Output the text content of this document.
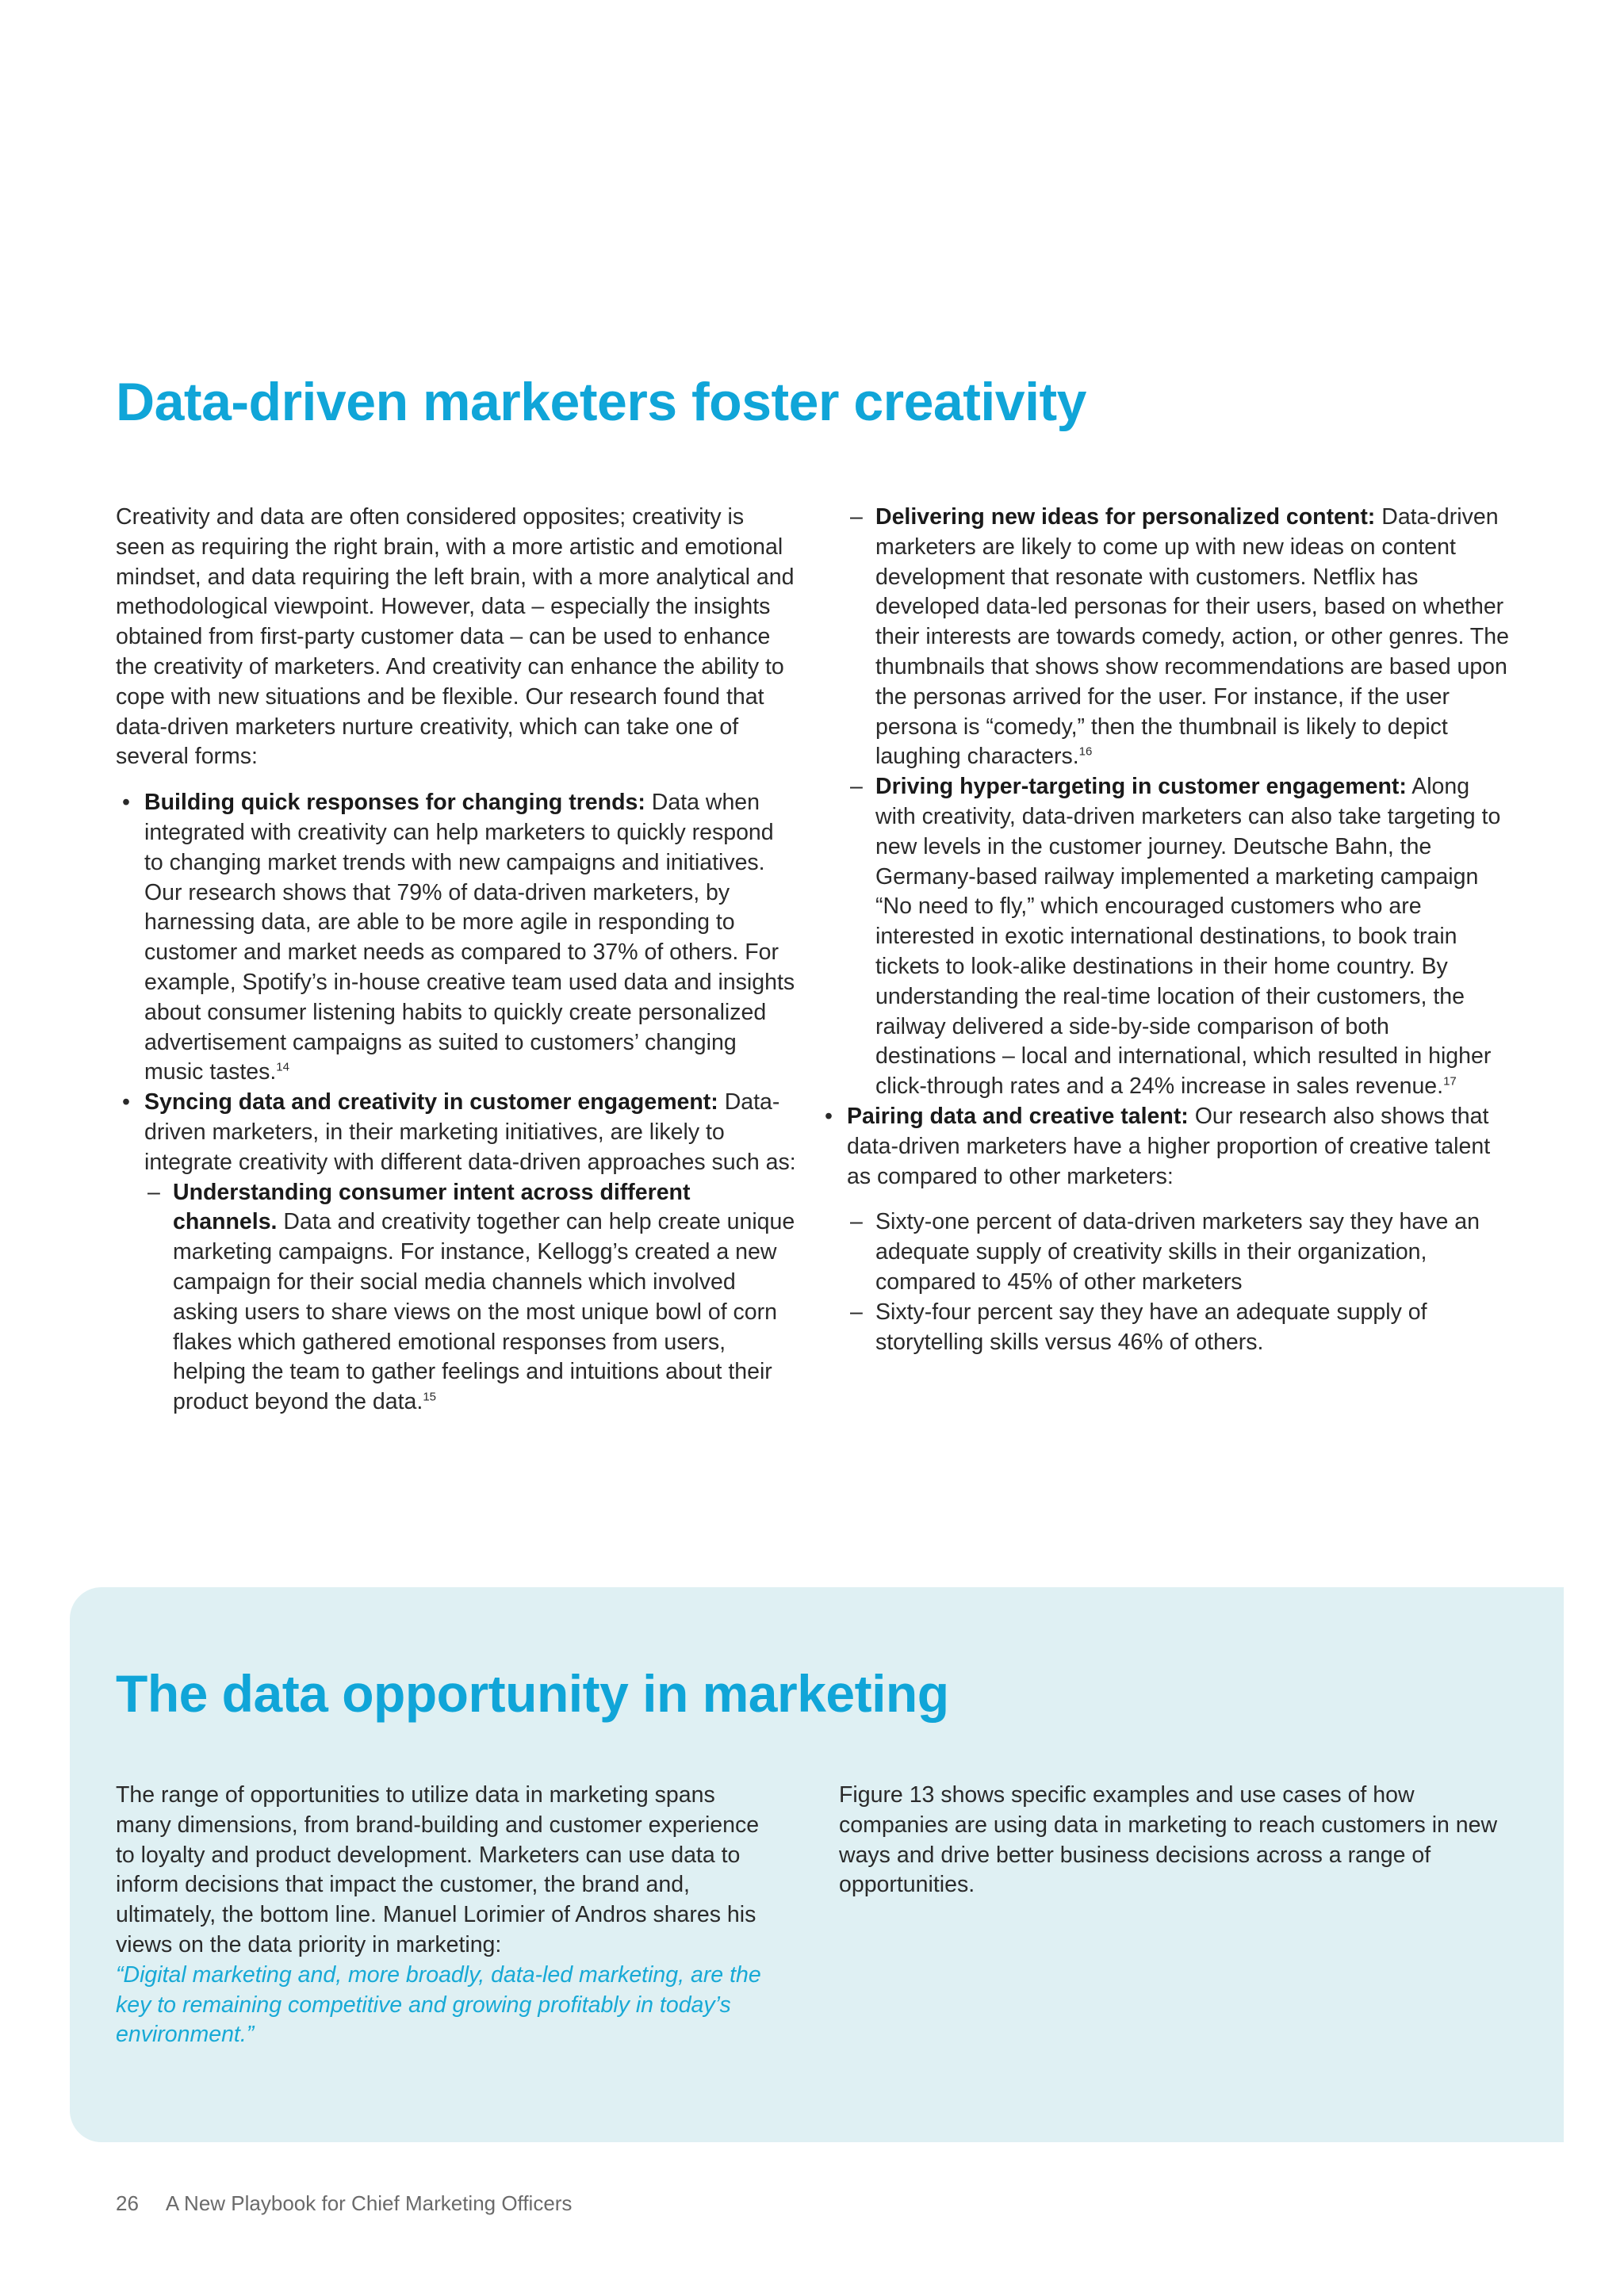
Data-driven marketers foster creativity

Creativity and data are often considered opposites; creativity is seen as requiring the right brain, with a more artistic and emotional mindset, and data requiring the left brain, with a more analytical and methodological viewpoint. However, data – especially the insights obtained from first-party customer data – can be used to enhance the creativity of marketers. And creativity can enhance the ability to cope with new situations and be flexible. Our research found that data-driven marketers nurture creativity, which can take one of several forms:

• Building quick responses for changing trends: Data when integrated with creativity can help marketers to quickly respond to changing market trends with new campaigns and initiatives. Our research shows that 79% of data-driven marketers, by harnessing data, are able to be more agile in responding to customer and market needs as compared to 37% of others. For example, Spotify’s in-house creative team used data and insights about consumer listening habits to quickly create personalized advertisement campaigns as suited to customers’ changing music tastes.$^{14}$
• Syncing data and creativity in customer engagement: Data-driven marketers, in their marketing initiatives, are likely to integrate creativity with different data-driven approaches such as:
– Understanding consumer intent across different channels. Data and creativity together can help create unique marketing campaigns. For instance, Kellogg’s created a new campaign for their social media channels which involved asking users to share views on the most unique bowl of corn flakes which gathered emotional responses from users, helping the team to gather feelings and intuitions about their product beyond the data.$^{15}$
– Delivering new ideas for personalized content: Data-driven marketers are likely to come up with new ideas on content development that resonate with customers. Netflix has developed data-led personas for their users, based on whether their interests are towards comedy, action, or other genres. The thumbnails that shows show recommendations are based upon the personas arrived for the user. For instance, if the user persona is “comedy,” then the thumbnail is likely to depict laughing characters.$^{16}$
– Driving hyper-targeting in customer engagement: Along with creativity, data-driven marketers can also take targeting to new levels in the customer journey. Deutsche Bahn, the Germany-based railway implemented a marketing campaign “No need to fly,” which encouraged customers who are interested in exotic international destinations, to book train tickets to look-alike destinations in their home country. By understanding the real-time location of their customers, the railway delivered a side-by-side comparison of both destinations – local and international, which resulted in higher click-through rates and a 24% increase in sales revenue.$^{17}$
• Pairing data and creative talent: Our research also shows that data-driven marketers have a higher proportion of creative talent as compared to other marketers:
– Sixty-one percent of data-driven marketers say they have an adequate supply of creativity skills in their organization, compared to 45% of other marketers
– Sixty-four percent say they have an adequate supply of storytelling skills versus 46% of others.
The data opportunity in marketing

The range of opportunities to utilize data in marketing spans many dimensions, from brand-building and customer experience to loyalty and product development. Marketers can use data to inform decisions that impact the customer, the brand and, ultimately, the bottom line. Manuel Lorimier of Andros shares his views on the data priority in marketing:

“Digital marketing and, more broadly, data-led marketing, are the key to remaining competitive and growing profitably in today’s environment.”

Figure 13 shows specific examples and use cases of how companies are using data in marketing to reach customers in new ways and drive better business decisions across a range of opportunities.

26 A New Playbook for Chief Marketing Officers
